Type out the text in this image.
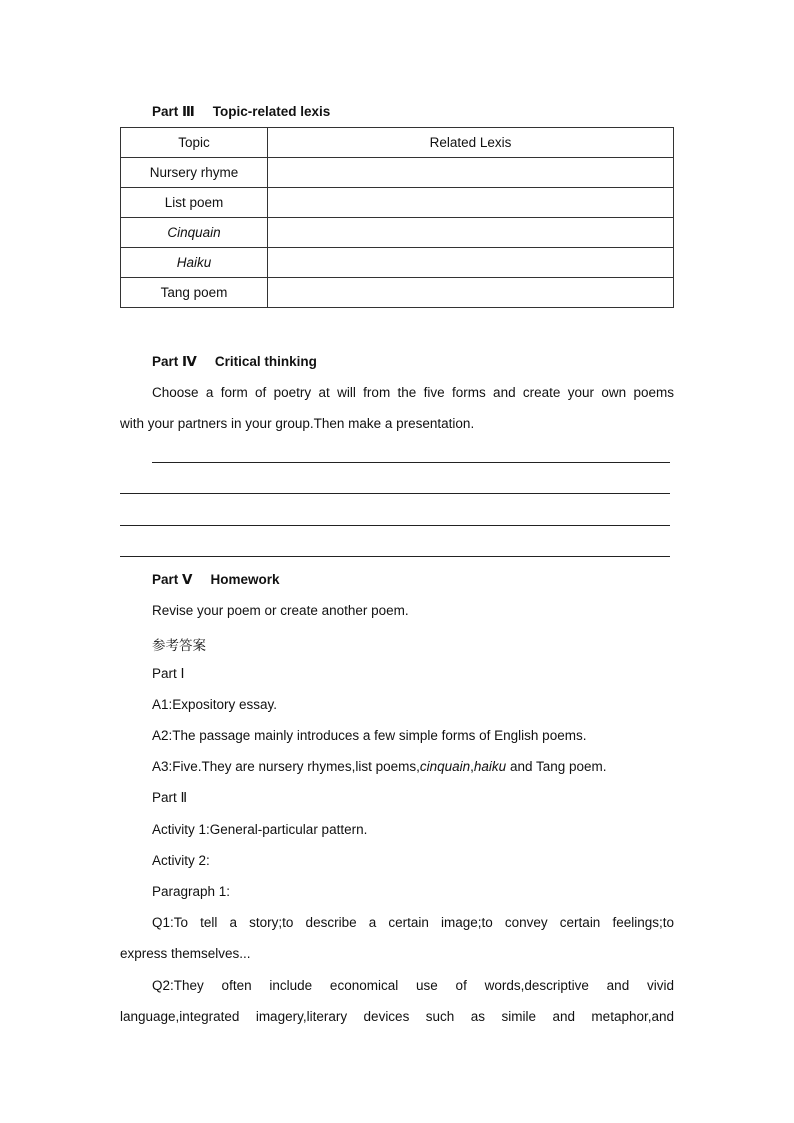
Part Ⅲ Topic-related lexis
Topic	Related Lexis
Nursery rhyme	
List poem	
Cinquain	
Haiku	
Tang poem	
Part Ⅳ Critical thinking
Choose a form of poetry at will from the five forms and create your own poems
with your partners in your group.Then make a presentation.
Part Ⅴ Homework
Revise your poem or create another poem.
参考答案
Part Ⅰ
A1:Expository essay.
A2:The passage mainly introduces a few simple forms of English poems.
A3:Five.They are nursery rhymes,list poems,cinquain,haiku and Tang poem.
Part Ⅱ
Activity 1:General-particular pattern.
Activity 2:
Paragraph 1:
Q1:To tell a story;to describe a certain image;to convey certain feelings;to
express themselves...
Q2:They often include economical use of words,descriptive and vivid
language,integrated imagery,literary devices such as simile and metaphor,and
